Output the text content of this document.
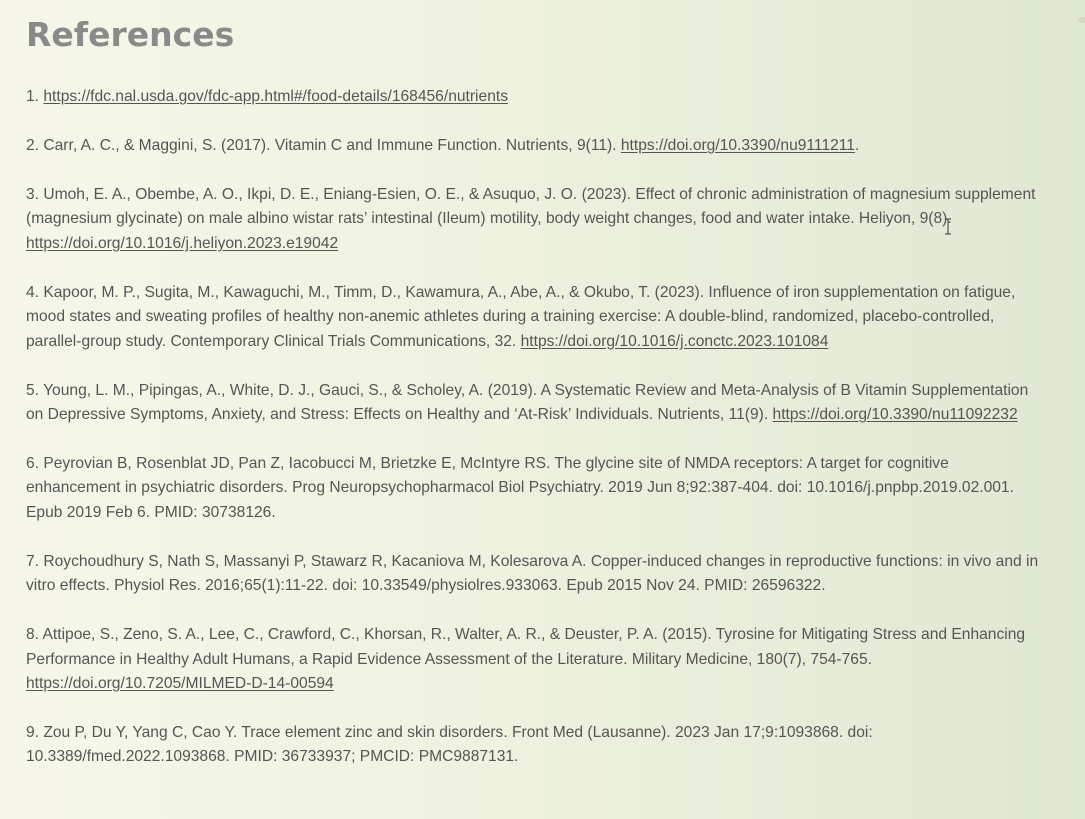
References
1. https://fdc.nal.usda.gov/fdc-app.html#/food-details/168456/nutrients
2. Carr, A. C., & Maggini, S. (2017). Vitamin C and Immune Function. Nutrients, 9(11). https://doi.org/10.3390/nu9111211.
3. Umoh, E. A., Obembe, A. O., Ikpi, D. E., Eniang-Esien, O. E., & Asuquo, J. O. (2023). Effect of chronic administration of magnesium supplement (magnesium glycinate) on male albino wistar rats’ intestinal (Ileum) motility, body weight changes, food and water intake. Heliyon, 9(8). https://doi.org/10.1016/j.heliyon.2023.e19042
4. Kapoor, M. P., Sugita, M., Kawaguchi, M., Timm, D., Kawamura, A., Abe, A., & Okubo, T. (2023). Influence of iron supplementation on fatigue, mood states and sweating profiles of healthy non-anemic athletes during a training exercise: A double-blind, randomized, placebo-controlled, parallel-group study. Contemporary Clinical Trials Communications, 32. https://doi.org/10.1016/j.conctc.2023.101084
5. Young, L. M., Pipingas, A., White, D. J., Gauci, S., & Scholey, A. (2019). A Systematic Review and Meta-Analysis of B Vitamin Supplementation on Depressive Symptoms, Anxiety, and Stress: Effects on Healthy and ‘At-Risk’ Individuals. Nutrients, 11(9). https://doi.org/10.3390/nu11092232
6. Peyrovian B, Rosenblat JD, Pan Z, Iacobucci M, Brietzke E, McIntyre RS. The glycine site of NMDA receptors: A target for cognitive enhancement in psychiatric disorders. Prog Neuropsychopharmacol Biol Psychiatry. 2019 Jun 8;92:387-404. doi: 10.1016/j.pnpbp.2019.02.001. Epub 2019 Feb 6. PMID: 30738126.
7. Roychoudhury S, Nath S, Massanyi P, Stawarz R, Kacaniova M, Kolesarova A. Copper-induced changes in reproductive functions: in vivo and in vitro effects. Physiol Res. 2016;65(1):11-22. doi: 10.33549/physiolres.933063. Epub 2015 Nov 24. PMID: 26596322.
8. Attipoe, S., Zeno, S. A., Lee, C., Crawford, C., Khorsan, R., Walter, A. R., & Deuster, P. A. (2015). Tyrosine for Mitigating Stress and Enhancing Performance in Healthy Adult Humans, a Rapid Evidence Assessment of the Literature. Military Medicine, 180(7), 754-765. https://doi.org/10.7205/MILMED-D-14-00594
9. Zou P, Du Y, Yang C, Cao Y. Trace element zinc and skin disorders. Front Med (Lausanne). 2023 Jan 17;9:1093868. doi: 10.3389/fmed.2022.1093868. PMID: 36733937; PMCID: PMC9887131.
